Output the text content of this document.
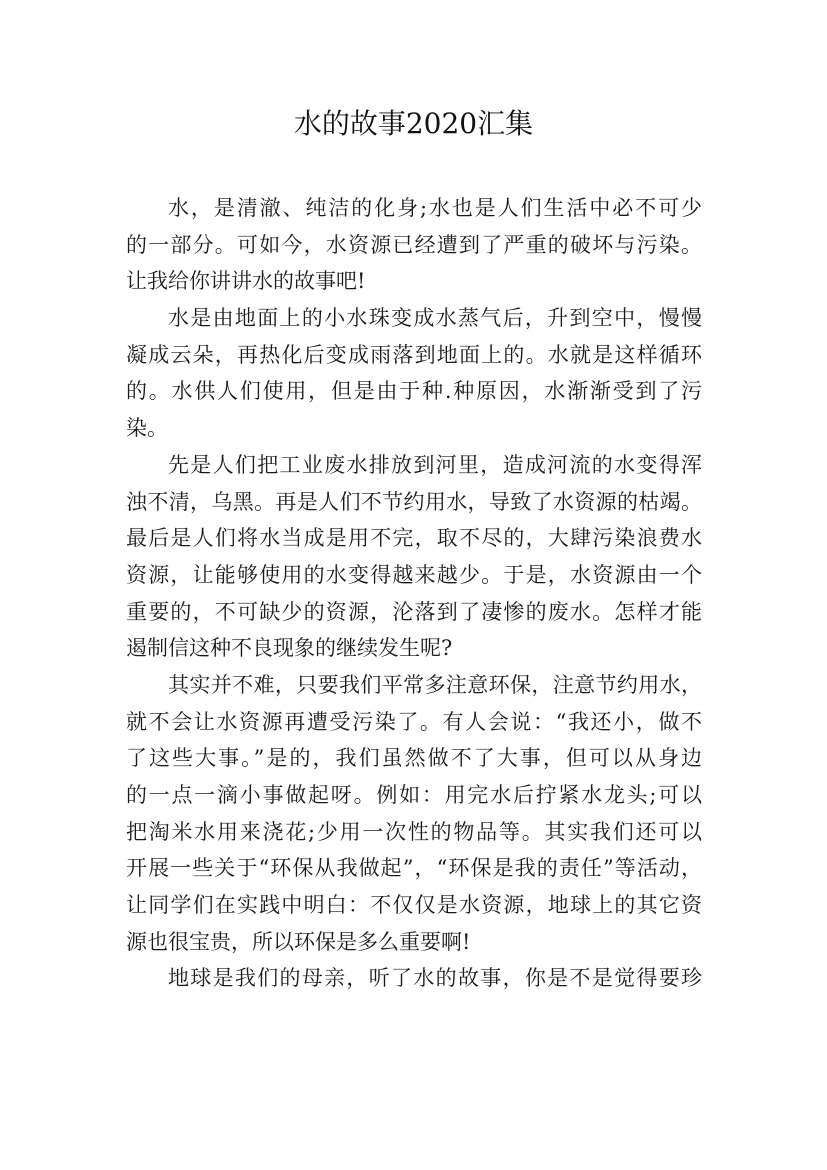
水的故事2020汇集
水，是清澈、纯洁的化身;水也是人们生活中必不可少
的一部分。可如今，水资源已经遭到了严重的破坏与污染。
让我给你讲讲水的故事吧!
水是由地面上的小水珠变成水蒸气后，升到空中，慢慢
凝成云朵，再热化后变成雨落到地面上的。水就是这样循环
的。水供人们使用，但是由于种.种原因，水渐渐受到了污
染。
先是人们把工业废水排放到河里，造成河流的水变得浑
浊不清，乌黑。再是人们不节约用水，导致了水资源的枯竭。
最后是人们将水当成是用不完，取不尽的，大肆污染浪费水
资源，让能够使用的水变得越来越少。于是，水资源由一个
重要的，不可缺少的资源，沦落到了凄惨的废水。怎样才能
遏制信这种不良现象的继续发生呢?
其实并不难，只要我们平常多注意环保，注意节约用水，
就不会让水资源再遭受污染了。有人会说：“我还小，做不
了这些大事。”是的，我们虽然做不了大事，但可以从身边
的一点一滴小事做起呀。例如：用完水后拧紧水龙头;可以
把淘米水用来浇花;少用一次性的物品等。其实我们还可以
开展一些关于“环保从我做起”，“环保是我的责任”等活动，
让同学们在实践中明白：不仅仅是水资源，地球上的其它资
源也很宝贵，所以环保是多么重要啊!
地球是我们的母亲，听了水的故事，你是不是觉得要珍
